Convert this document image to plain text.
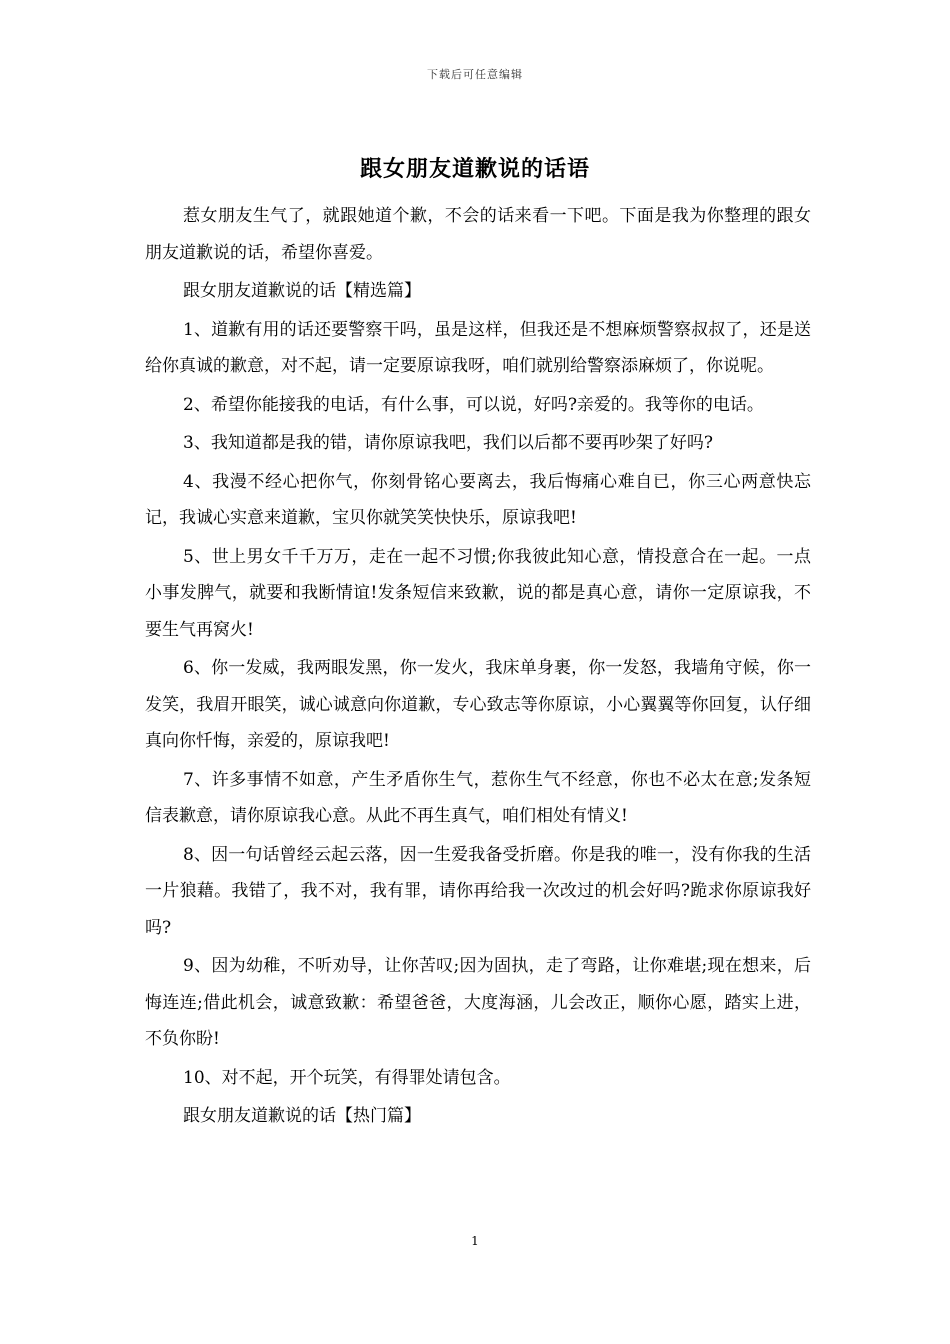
下载后可任意编辑
跟女朋友道歉说的话语

惹女朋友生气了，就跟她道个歉，不会的话来看一下吧。下面是我为你整理的跟女朋友道歉说的话，希望你喜爱。

跟女朋友道歉说的话【精选篇】

1、道歉有用的话还要警察干吗，虽是这样，但我还是不想麻烦警察叔叔了，还是送给你真诚的歉意，对不起，请一定要原谅我呀，咱们就别给警察添麻烦了，你说呢。

2、希望你能接我的电话，有什么事，可以说，好吗?亲爱的。我等你的电话。

3、我知道都是我的错，请你原谅我吧，我们以后都不要再吵架了好吗?

4、我漫不经心把你气，你刻骨铭心要离去，我后悔痛心难自已，你三心两意快忘记，我诚心实意来道歉，宝贝你就笑笑快快乐，原谅我吧!

5、世上男女千千万万，走在一起不习惯;你我彼此知心意，情投意合在一起。一点小事发脾气，就要和我断情谊!发条短信来致歉，说的都是真心意，请你一定原谅我，不要生气再窝火!

6、你一发威，我两眼发黑，你一发火，我床单身裹，你一发怒，我墙角守候，你一发笑，我眉开眼笑，诚心诚意向你道歉，专心致志等你原谅，小心翼翼等你回复，认仔细真向你忏悔，亲爱的，原谅我吧!

7、许多事情不如意，产生矛盾你生气，惹你生气不经意，你也不必太在意;发条短信表歉意，请你原谅我心意。从此不再生真气，咱们相处有情义!

8、因一句话曾经云起云落，因一生爱我备受折磨。你是我的唯一，没有你我的生活一片狼藉。我错了，我不对，我有罪，请你再给我一次改过的机会好吗?跪求你原谅我好吗?

9、因为幼稚，不听劝导，让你苦叹;因为固执，走了弯路，让你难堪;现在想来，后悔连连;借此机会，诚意致歉：希望爸爸，大度海涵，儿会改正，顺你心愿，踏实上进，不负你盼!

10、对不起，开个玩笑，有得罪处请包含。

跟女朋友道歉说的话【热门篇】

1
